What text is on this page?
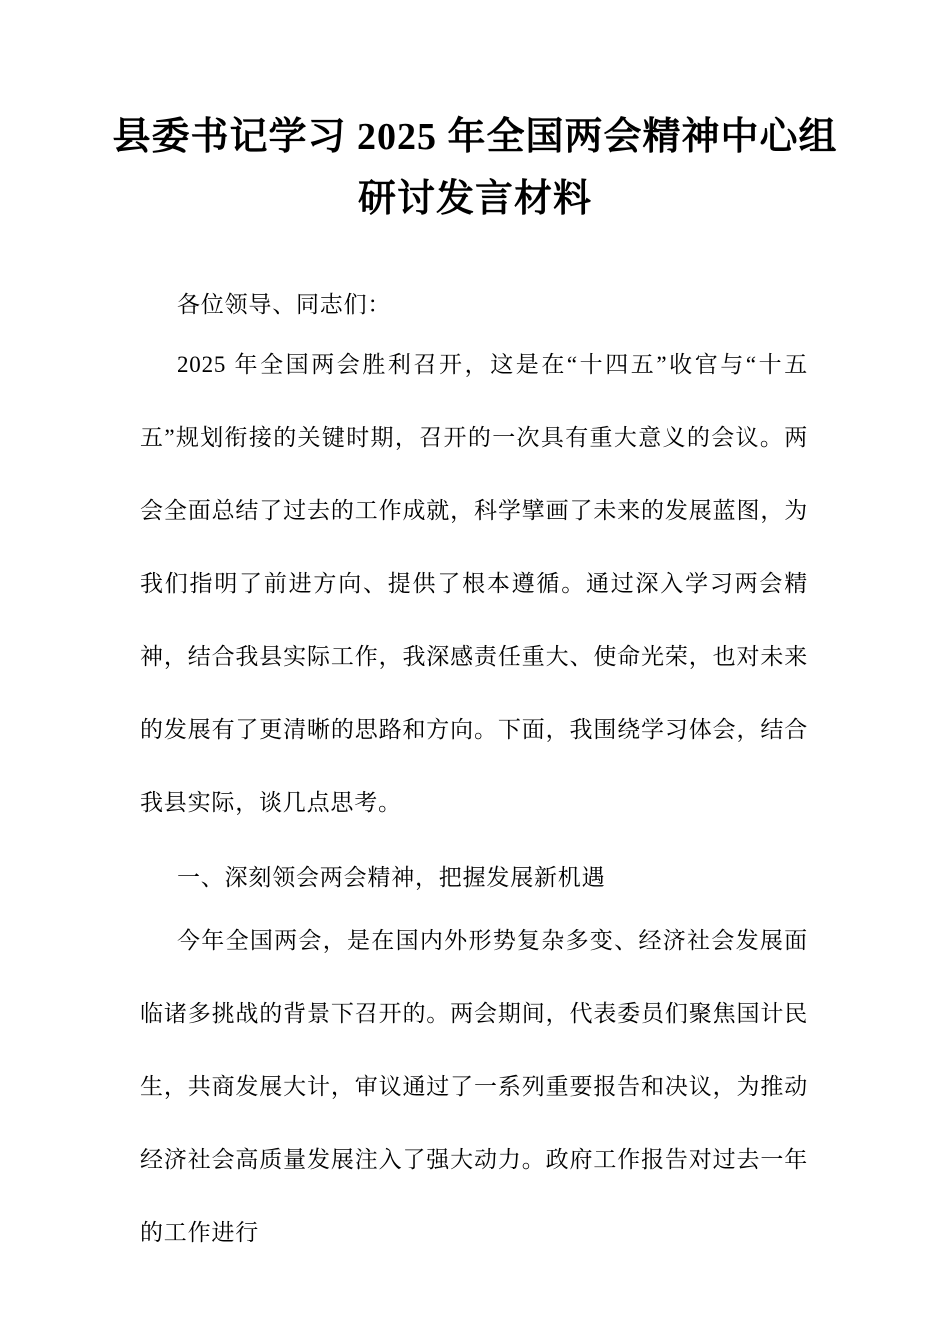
县委书记学习 2025 年全国两会精神中心组
研讨发言材料

各位领导、同志们：

2025 年全国两会胜利召开，这是在“十四五”收官与“十五五”规划衔接的关键时期，召开的一次具有重大意义的会议。两会全面总结了过去的工作成就，科学擘画了未来的发展蓝图，为我们指明了前进方向、提供了根本遵循。通过深入学习两会精神，结合我县实际工作，我深感责任重大、使命光荣，也对未来的发展有了更清晰的思路和方向。下面，我围绕学习体会，结合我县实际，谈几点思考。

一、深刻领会两会精神，把握发展新机遇

今年全国两会，是在国内外形势复杂多变、经济社会发展面临诸多挑战的背景下召开的。两会期间，代表委员们聚焦国计民生，共商发展大计，审议通过了一系列重要报告和决议，为推动经济社会高质量发展注入了强大动力。政府工作报告对过去一年的工作进行
